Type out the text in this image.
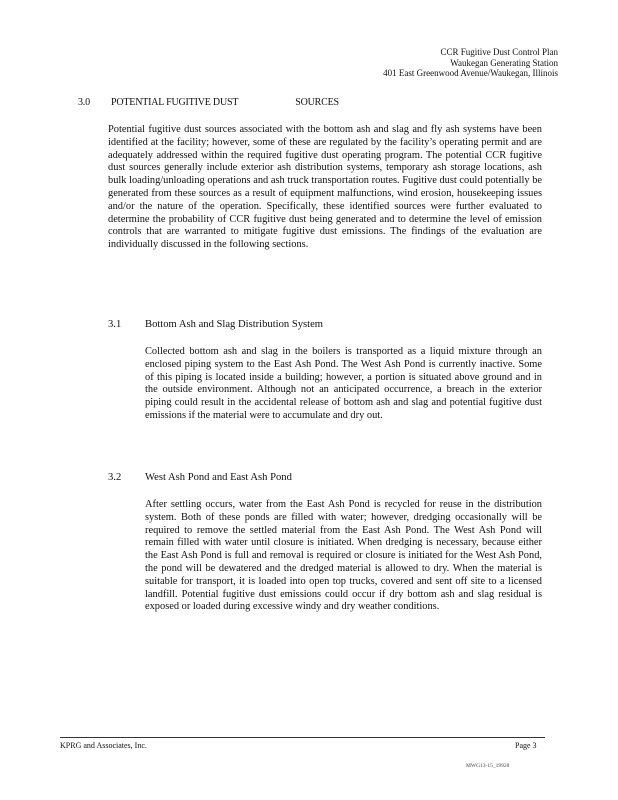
CCR Fugitive Dust Control Plan
Waukegan Generating Station
401 East Greenwood Avenue/Waukegan, Illinois
3.0 POTENTIAL FUGITIVE DUST	SOURCES

Potential fugitive dust sources associated with the bottom ash and slag and fly ash systems have been identified at the facility; however, some of these are regulated by the facility’s operating permit and are adequately addressed within the required fugitive dust operating program. The potential CCR fugitive dust sources generally include exterior ash distribution systems, temporary ash storage locations, ash bulk loading/unloading operations and ash truck transportation routes. Fugitive dust could potentially be generated from these sources as a result of equipment malfunctions, wind erosion, housekeeping issues and/or the nature of the operation. Specifically, these identified sources were further evaluated to determine the probability of CCR fugitive dust being generated and to determine the level of emission controls that are warranted to mitigate fugitive dust emissions. The findings of the evaluation are individually discussed in the following sections.

3.1 Bottom Ash and Slag Distribution System

Collected bottom ash and slag in the boilers is transported as a liquid mixture through an enclosed piping system to the East Ash Pond. The West Ash Pond is currently inactive. Some of this piping is located inside a building; however, a portion is situated above ground and in the outside environment. Although not an anticipated occurrence, a breach in the exterior piping could result in the accidental release of bottom ash and slag and potential fugitive dust emissions if the material were to accumulate and dry out.

3.2 West Ash Pond and East Ash Pond

After settling occurs, water from the East Ash Pond is recycled for reuse in the distribution system. Both of these ponds are filled with water; however, dredging occasionally will be required to remove the settled material from the East Ash Pond. The West Ash Pond will remain filled with water until closure is initiated. When dredging is necessary, because either the East Ash Pond is full and removal is required or closure is initiated for the West Ash Pond, the pond will be dewatered and the dredged material is allowed to dry. When the material is suitable for transport, it is loaded into open top trucks, covered and sent off site to a licensed landfill. Potential fugitive dust emissions could occur if dry bottom ash and slag residual is exposed or loaded during excessive windy and dry weather conditions.

KPRG and Associates, Inc.	Page 3
MWG13-15_19928
